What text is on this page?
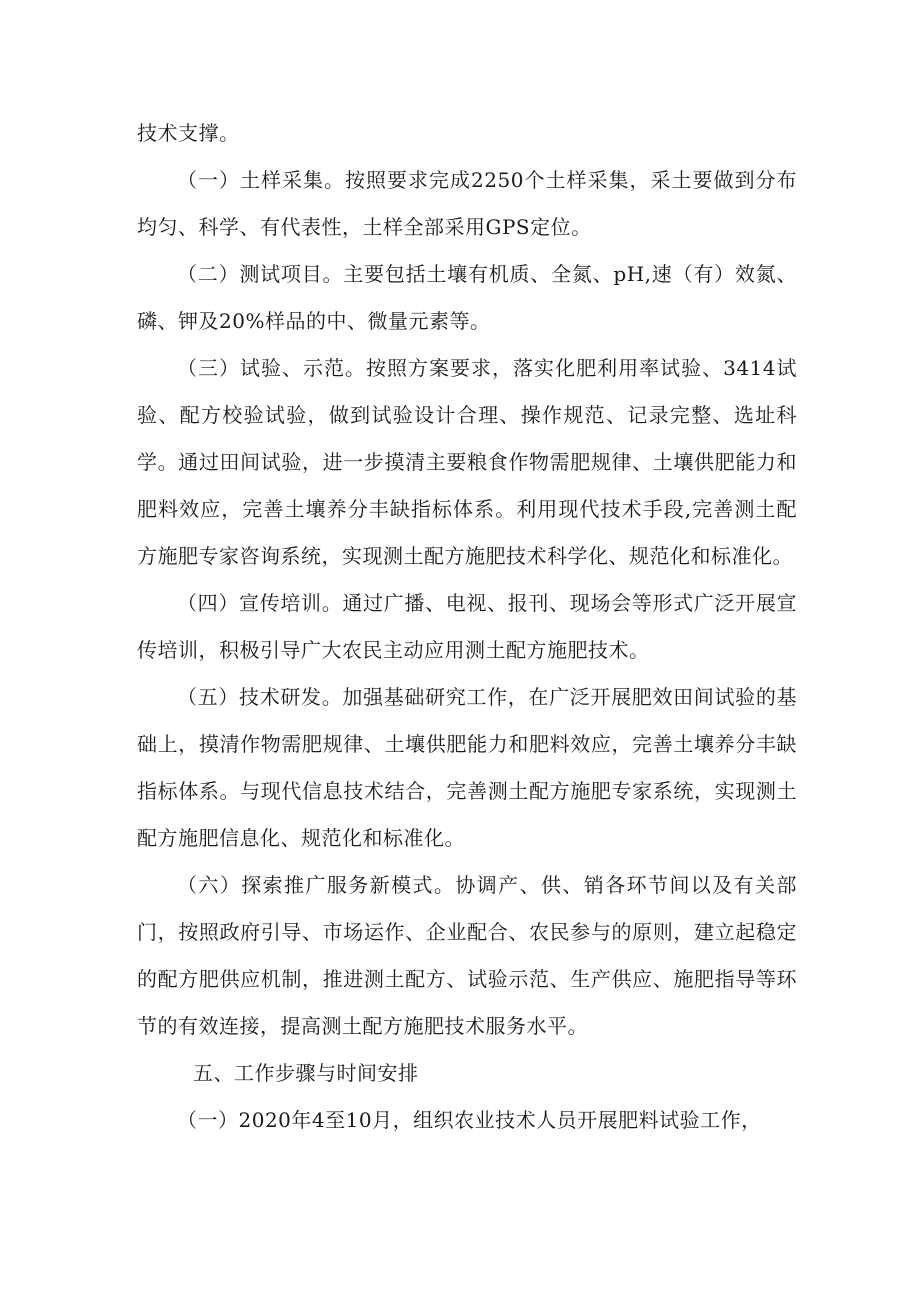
技术支撑。

（一）土样采集。按照要求完成2250个土样采集，采土要做到分布均匀、科学、有代表性，土样全部采用GPS定位。

（二）测试项目。主要包括土壤有机质、全氮、pH,速（有）效氮、磷、钾及20%样品的中、微量元素等。

（三）试验、示范。按照方案要求，落实化肥利用率试验、3414试验、配方校验试验，做到试验设计合理、操作规范、记录完整、选址科学。通过田间试验，进一步摸清主要粮食作物需肥规律、土壤供肥能力和肥料效应，完善土壤养分丰缺指标体系。利用现代技术手段,完善测土配方施肥专家咨询系统，实现测土配方施肥技术科学化、规范化和标准化。

（四）宣传培训。通过广播、电视、报刊、现场会等形式广泛开展宣传培训，积极引导广大农民主动应用测土配方施肥技术。

（五）技术研发。加强基础研究工作，在广泛开展肥效田间试验的基础上，摸清作物需肥规律、土壤供肥能力和肥料效应，完善土壤养分丰缺指标体系。与现代信息技术结合，完善测土配方施肥专家系统，实现测土配方施肥信息化、规范化和标准化。

（六）探索推广服务新模式。协调产、供、销各环节间以及有关部门，按照政府引导、市场运作、企业配合、农民参与的原则，建立起稳定的配方肥供应机制，推进测土配方、试验示范、生产供应、施肥指导等环节的有效连接，提高测土配方施肥技术服务水平。

五、工作步骤与时间安排

（一）2020年4至10月，组织农业技术人员开展肥料试验工作，
